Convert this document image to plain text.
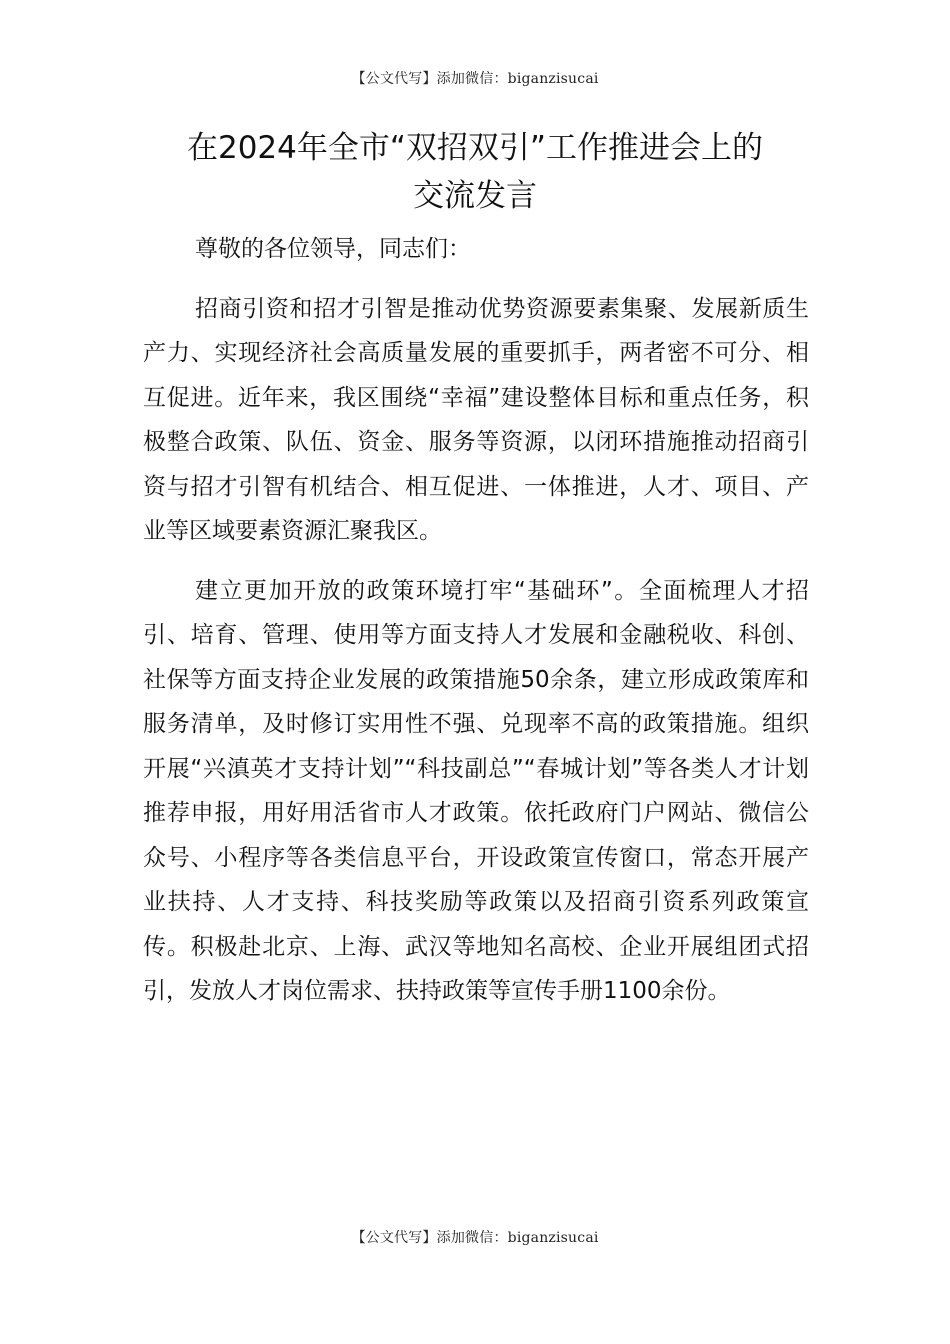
【公文代写】添加微信：biganzisucai
在2024年全市“双招双引”工作推进会上的
交流发言

尊敬的各位领导，同志们：

招商引资和招才引智是推动优势资源要素集聚、发展新质生产力、实现经济社会高质量发展的重要抓手，两者密不可分、相互促进。近年来，我区围绕“幸福”建设整体目标和重点任务，积极整合政策、队伍、资金、服务等资源，以闭环措施推动招商引资与招才引智有机结合、相互促进、一体推进，人才、项目、产业等区域要素资源汇聚我区。

建立更加开放的政策环境打牢“基础环”。全面梳理人才招引、培育、管理、使用等方面支持人才发展和金融税收、科创、社保等方面支持企业发展的政策措施50余条，建立形成政策库和服务清单，及时修订实用性不强、兑现率不高的政策措施。组织开展“兴滇英才支持计划”“科技副总”“春城计划”等各类人才计划推荐申报，用好用活省市人才政策。依托政府门户网站、微信公众号、小程序等各类信息平台，开设政策宣传窗口，常态开展产业扶持、人才支持、科技奖励等政策以及招商引资系列政策宣传。积极赴北京、上海、武汉等地知名高校、企业开展组团式招引，发放人才岗位需求、扶持政策等宣传手册1100余份。

【公文代写】添加微信：biganzisucai
